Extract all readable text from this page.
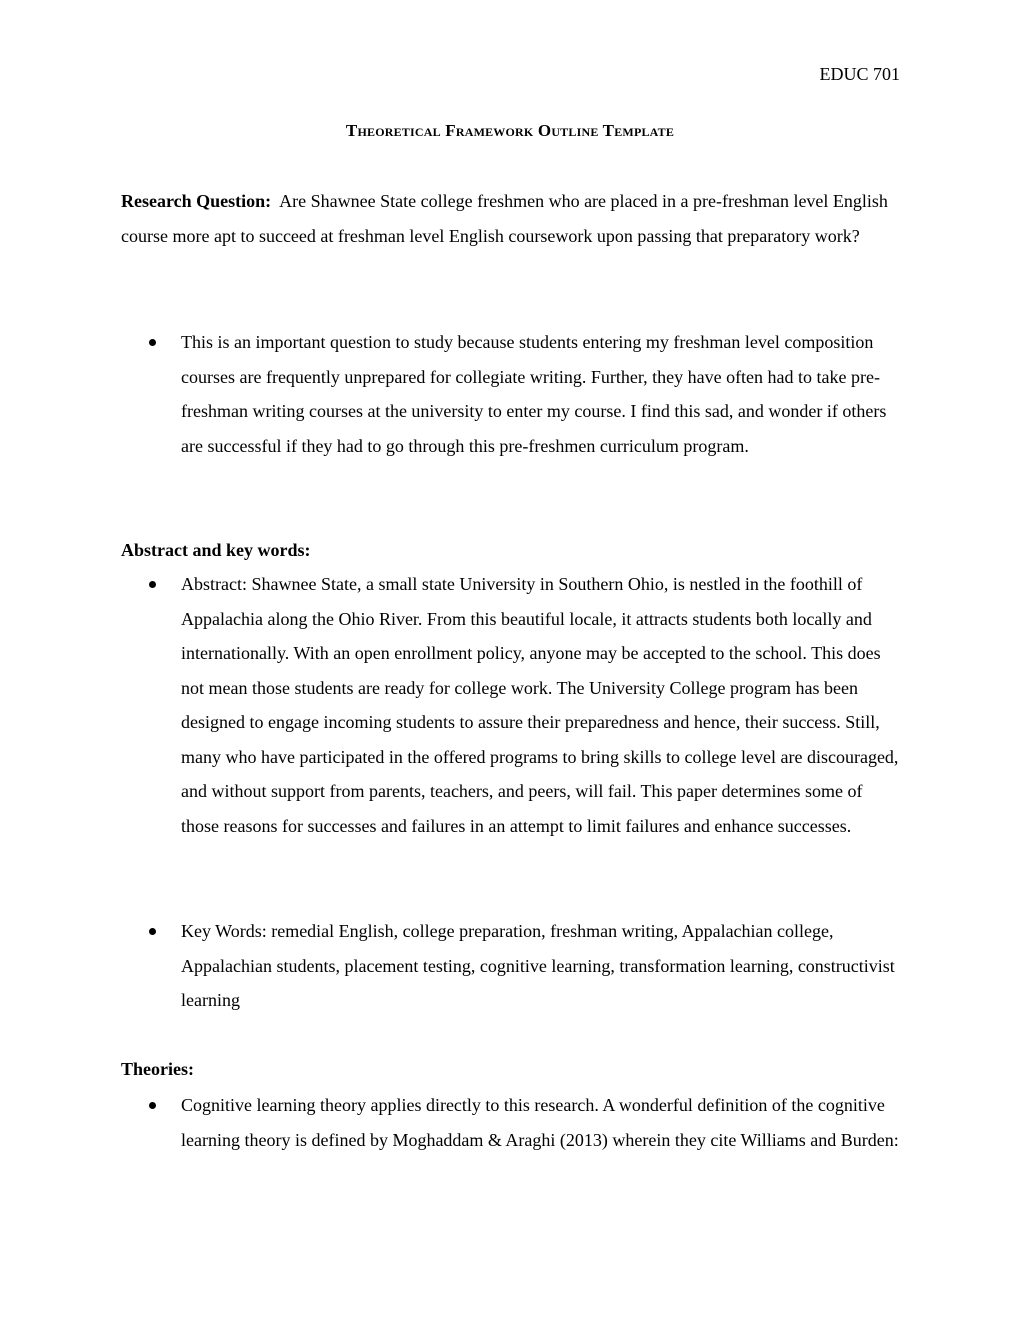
EDUC 701
Theoretical Framework Outline Template
Research Question: Are Shawnee State college freshmen who are placed in a pre-freshman level English course more apt to succeed at freshman level English coursework upon passing that preparatory work?
This is an important question to study because students entering my freshman level composition courses are frequently unprepared for collegiate writing. Further, they have often had to take pre-freshman writing courses at the university to enter my course. I find this sad, and wonder if others are successful if they had to go through this pre-freshmen curriculum program.
Abstract and key words:
Abstract: Shawnee State, a small state University in Southern Ohio, is nestled in the foothill of Appalachia along the Ohio River. From this beautiful locale, it attracts students both locally and internationally. With an open enrollment policy, anyone may be accepted to the school. This does not mean those students are ready for college work. The University College program has been designed to engage incoming students to assure their preparedness and hence, their success. Still, many who have participated in the offered programs to bring skills to college level are discouraged, and without support from parents, teachers, and peers, will fail. This paper determines some of those reasons for successes and failures in an attempt to limit failures and enhance successes.
Key Words: remedial English, college preparation, freshman writing, Appalachian college, Appalachian students, placement testing, cognitive learning, transformation learning, constructivist learning
Theories:
Cognitive learning theory applies directly to this research. A wonderful definition of the cognitive learning theory is defined by Moghaddam & Araghi (2013) wherein they cite Williams and Burden:
